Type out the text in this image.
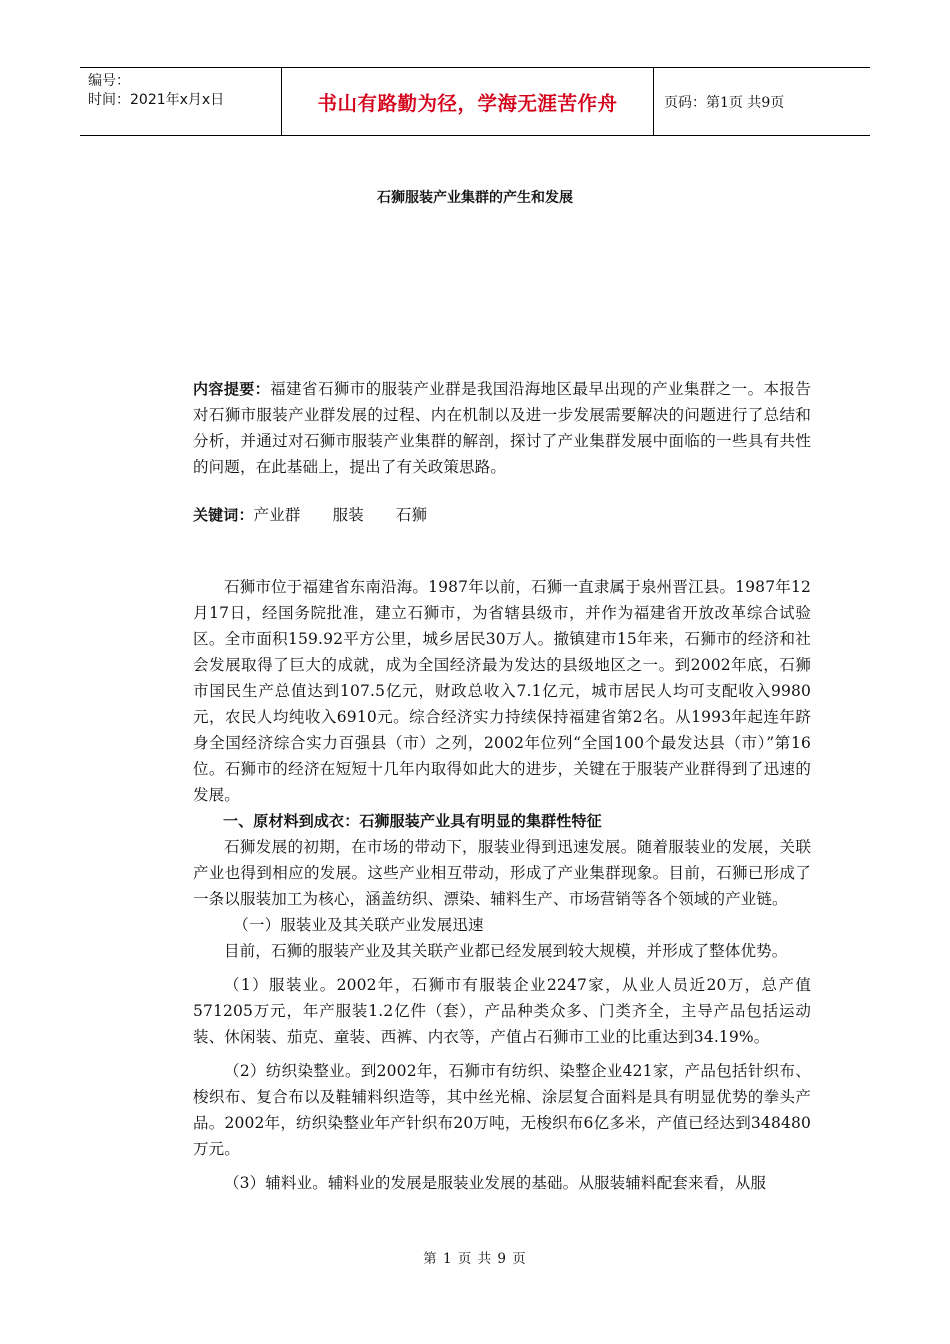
编号：
时间：2021年x月x日	书山有路勤为径，学海无涯苦作舟	页码：第1页 共9页
石狮服装产业集群的产生和发展

内容提要：福建省石狮市的服装产业群是我国沿海地区最早出现的产业集群之一。本报告对石狮市服装产业群发展的过程、内在机制以及进一步发展需要解决的问题进行了总结和分析，并通过对石狮市服装产业集群的解剖，探讨了产业集群发展中面临的一些具有共性的问题，在此基础上，提出了有关政策思路。

关键词：产业群 服装 石狮

石狮市位于福建省东南沿海。1987年以前，石狮一直隶属于泉州晋江县。1987年12月17日，经国务院批准，建立石狮市，为省辖县级市，并作为福建省开放改革综合试验区。全市面积159.92平方公里，城乡居民30万人。撤镇建市15年来，石狮市的经济和社会发展取得了巨大的成就，成为全国经济最为发达的县级地区之一。到2002年底，石狮市国民生产总值达到107.5亿元，财政总收入7.1亿元，城市居民人均可支配收入9980元，农民人均纯收入6910元。综合经济实力持续保持福建省第2名。从1993年起连年跻身全国经济综合实力百强县（市）之列，2002年位列“全国100个最发达县（市）”第16位。石狮市的经济在短短十几年内取得如此大的进步，关键在于服装产业群得到了迅速的发展。

一、原材料到成衣：石狮服装产业具有明显的集群性特征

石狮发展的初期，在市场的带动下，服装业得到迅速发展。随着服装业的发展，关联产业也得到相应的发展。这些产业相互带动，形成了产业集群现象。目前，石狮已形成了一条以服装加工为核心，涵盖纺织、漂染、辅料生产、市场营销等各个领域的产业链。

（一）服装业及其关联产业发展迅速

目前，石狮的服装产业及其关联产业都已经发展到较大规模，并形成了整体优势。

（1）服装业。2002年，石狮市有服装企业2247家，从业人员近20万，总产值571205万元，年产服装1.2亿件（套），产品种类众多、门类齐全，主导产品包括运动装、休闲装、茄克、童装、西裤、内衣等，产值占石狮市工业的比重达到34.19%。

（2）纺织染整业。到2002年，石狮市有纺织、染整企业421家，产品包括针织布、梭织布、复合布以及鞋辅料织造等，其中丝光棉、涂层复合面料是具有明显优势的拳头产品。2002年，纺织染整业年产针织布20万吨，无梭织布6亿多米，产值已经达到348480万元。

（3）辅料业。辅料业的发展是服装业发展的基础。从服装辅料配套来看，从服

第 1 页 共 9 页
